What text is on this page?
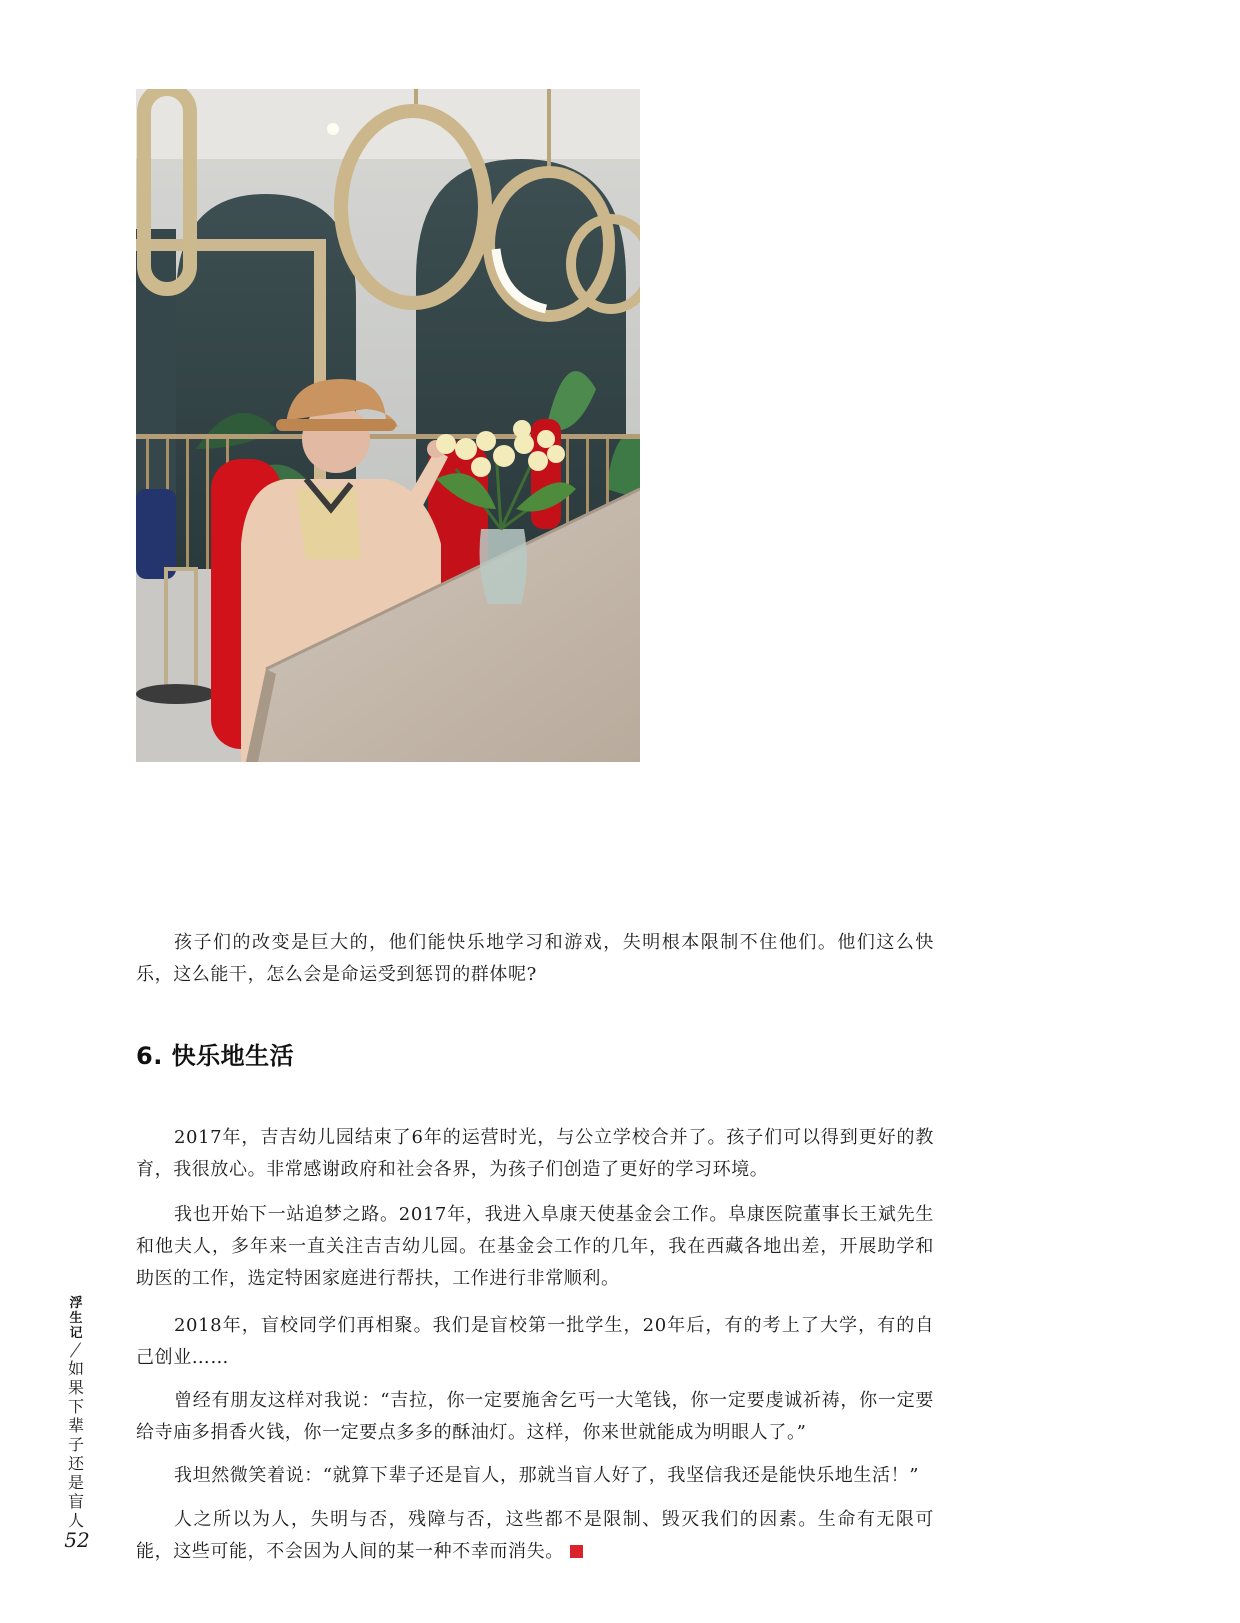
孩子们的改变是巨大的，他们能快乐地学习和游戏，失明根本限制不住他们。他们这么快乐，这么能干，怎么会是命运受到惩罚的群体呢?

6. 快乐地生活

2017年，吉吉幼儿园结束了6年的运营时光，与公立学校合并了。孩子们可以得到更好的教育，我很放心。非常感谢政府和社会各界，为孩子们创造了更好的学习环境。

我也开始下一站追梦之路。2017年，我进入阜康天使基金会工作。阜康医院董事长王斌先生和他夫人，多年来一直关注吉吉幼儿园。在基金会工作的几年，我在西藏各地出差，开展助学和助医的工作，选定特困家庭进行帮扶，工作进行非常顺利。

2018年，盲校同学们再相聚。我们是盲校第一批学生，20年后，有的考上了大学，有的自己创业……

曾经有朋友这样对我说：“吉拉，你一定要施舍乞丐一大笔钱，你一定要虔诚祈祷，你一定要给寺庙多捐香火钱，你一定要点多多的酥油灯。这样，你来世就能成为明眼人了。”

我坦然微笑着说：“就算下辈子还是盲人，那就当盲人好了，我坚信我还是能快乐地生活！”

人之所以为人，失明与否，残障与否，这些都不是限制、毁灭我们的因素。生命有无限可能，这些可能，不会因为人间的某一种不幸而消失。

浮
生
记
如
果
下
辈
子
还
是
盲
人
52
